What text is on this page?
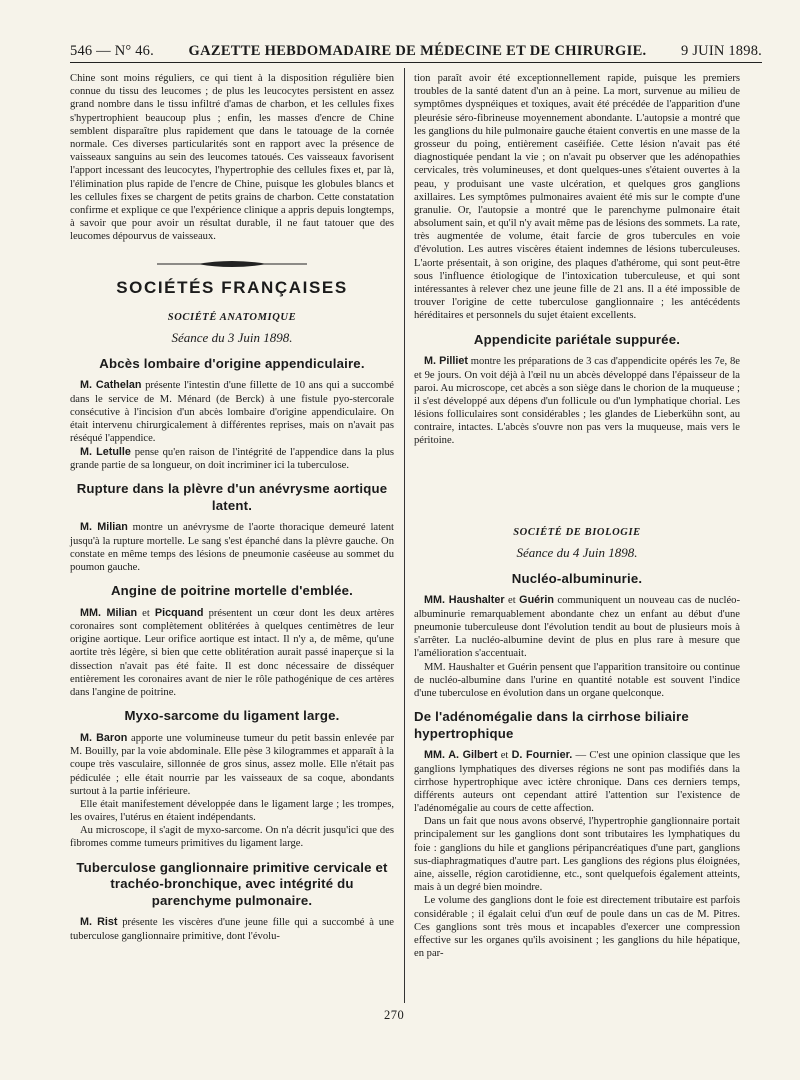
546 — N° 46. GAZETTE HEBDOMADAIRE DE MÉDECINE ET DE CHIRURGIE. 9 JUIN 1898.

Chine sont moins réguliers, ce qui tient à la disposition régulière bien connue du tissu des leucomes ; de plus les leucocytes persistent en assez grand nombre dans le tissu infiltré d'amas de charbon, et les cellules fixes s'hypertrophient beaucoup plus ; enfin, les masses d'encre de Chine semblent disparaître plus rapidement que dans le tatouage de la cornée normale. Ces diverses particularités sont en rapport avec la présence de vaisseaux sanguins au sein des leucomes tatoués. Ces vaisseaux favorisent l'apport incessant des leucocytes, l'hypertrophie des cellules fixes et, par là, l'élimination plus rapide de l'encre de Chine, puisque les globules blancs et les cellules fixes se chargent de petits grains de charbon. Cette constatation confirme et explique ce que l'expérience clinique a appris depuis longtemps, à savoir que pour avoir un résultat durable, il ne faut tatouer que des leucomes dépourvus de vaisseaux.

SOCIÉTÉS FRANÇAISES
SOCIÉTÉ ANATOMIQUE
Séance du 3 Juin 1898.
Abcès lombaire d'origine appendiculaire.

M. Cathelan présente l'intestin d'une fillette de 10 ans qui a succombé dans le service de M. Ménard (de Berck) à une fistule pyo-stercorale consécutive à l'incision d'un abcès lombaire d'origine appendiculaire. On était intervenu chirurgicalement à différentes reprises, mais on n'avait pas réséqué l'appendice.

M. Letulle pense qu'en raison de l'intégrité de l'appendice dans la plus grande partie de sa longueur, on doit incriminer ici la tuberculose.

Rupture dans la plèvre d'un anévrysme aortique latent.

M. Milian montre un anévrysme de l'aorte thoracique demeuré latent jusqu'à la rupture mortelle. Le sang s'est épanché dans la plèvre gauche. On constate en même temps des lésions de pneumonie caséeuse au sommet du poumon gauche.

Angine de poitrine mortelle d'emblée.

MM. Milian et Picquand présentent un cœur dont les deux artères coronaires sont complètement oblitérées à quelques centimètres de leur origine aortique. Leur orifice aortique est intact. Il n'y a, de même, qu'une aortite très légère, si bien que cette oblitération aurait passé inaperçue si la dissection n'avait pas été faite. Il est donc nécessaire de disséquer entièrement les coronaires avant de nier le rôle pathogénique de ces artères dans l'angine de poitrine.

Myxo-sarcome du ligament large.

M. Baron apporte une volumineuse tumeur du petit bassin enlevée par M. Bouilly, par la voie abdominale. Elle pèse 3 kilogrammes et apparaît à la coupe très vasculaire, sillonnée de gros sinus, assez molle. Elle n'était pas pédiculée ; elle était nourrie par les vaisseaux de sa coque, abondants surtout à la partie inférieure.

Elle était manifestement développée dans le ligament large ; les trompes, les ovaires, l'utérus en étaient indépendants.

Au microscope, il s'agit de myxo-sarcome. On n'a décrit jusqu'ici que des fibromes comme tumeurs primitives du ligament large.

Tuberculose ganglionnaire primitive cervicale et trachéo-bronchique, avec intégrité du parenchyme pulmonaire.

M. Rist présente les viscères d'une jeune fille qui a succombé à une tuberculose ganglionnaire primitive, dont l'évolu-

tion paraît avoir été exceptionnellement rapide, puisque les premiers troubles de la santé datent d'un an à peine. La mort, survenue au milieu de symptômes dyspnéiques et toxiques, avait été précédée de l'apparition d'une pleurésie séro-fibrineuse moyennement abondante. L'autopsie a montré que les ganglions du hile pulmonaire gauche étaient convertis en une masse de la grosseur du poing, entièrement caséifiée. Cette lésion n'avait pas été diagnostiquée pendant la vie ; on n'avait pu observer que les adénopathies cervicales, très volumineuses, et dont quelques-unes s'étaient ouvertes à la peau, y produisant une vaste ulcération, et quelques gros ganglions axillaires. Les symptômes pulmonaires avaient été mis sur le compte d'une granulie. Or, l'autopsie a montré que le parenchyme pulmonaire était absolument sain, et qu'il n'y avait même pas de lésions des sommets. La rate, très augmentée de volume, était farcie de gros tubercules en voie d'évolution. Les autres viscères étaient indemnes de lésions tuberculeuses. L'aorte présentait, à son origine, des plaques d'athérome, qui sont peut-être sous l'influence étiologique de l'intoxication tuberculeuse, et qui sont intéressantes à relever chez une jeune fille de 21 ans. Il a été impossible de trouver l'origine de cette tuberculose ganglionnaire ; les antécédents héréditaires et personnels du sujet étaient excellents.

Appendicite pariétale suppurée.

M. Pilliet montre les préparations de 3 cas d'appendicite opérés les 7e, 8e et 9e jours. On voit déjà à l'œil nu un abcès développé dans l'épaisseur de la paroi. Au microscope, cet abcès a son siège dans le chorion de la muqueuse ; il s'est développé aux dépens d'un follicule ou d'un lymphatique chorial. Les lésions folliculaires sont considérables ; les glandes de Lieberkühn sont, au contraire, intactes. L'abcès s'ouvre non pas vers la muqueuse, mais vers le péritoine.

SOCIÉTÉ DE BIOLOGIE
Séance du 4 Juin 1898.
Nucléo-albuminurie.

MM. Haushalter et Guérin communiquent un nouveau cas de nucléo-albuminurie remarquablement abondante chez un enfant au début d'une pneumonie tuberculeuse dont l'évolution tendit au bout de plusieurs mois à s'arrêter. La nucléo-albumine devint de plus en plus rare à mesure que l'amélioration s'accentuait.

MM. Haushalter et Guérin pensent que l'apparition transitoire ou continue de nucléo-albumine dans l'urine en quantité notable est souvent l'indice d'une tuberculose en évolution dans un organe quelconque.

De l'adénomégalie dans la cirrhose biliaire hypertrophique

MM. A. Gilbert et D. Fournier. — C'est une opinion classique que les ganglions lymphatiques des diverses régions ne sont pas modifiés dans la cirrhose hypertrophique avec ictère chronique. Dans ces derniers temps, différents auteurs ont cependant attiré l'attention sur l'existence de l'adénomégalie au cours de cette affection.

Dans un fait que nous avons observé, l'hypertrophie ganglionnaire portait principalement sur les ganglions dont sont tributaires les lymphatiques du foie : ganglions du hile et ganglions péripancréatiques d'une part, ganglions sus-diaphragmatiques d'autre part. Les ganglions des régions plus éloignées, aine, aisselle, région carotidienne, etc., sont quelquefois également atteints, mais à un degré bien moindre.

Le volume des ganglions dont le foie est directement tributaire est parfois considérable ; il égalait celui d'un œuf de poule dans un cas de M. Pitres. Ces ganglions sont très mous et incapables d'exercer une compression effective sur les organes qu'ils avoisinent ; les ganglions du hile hépatique, en par-

270
